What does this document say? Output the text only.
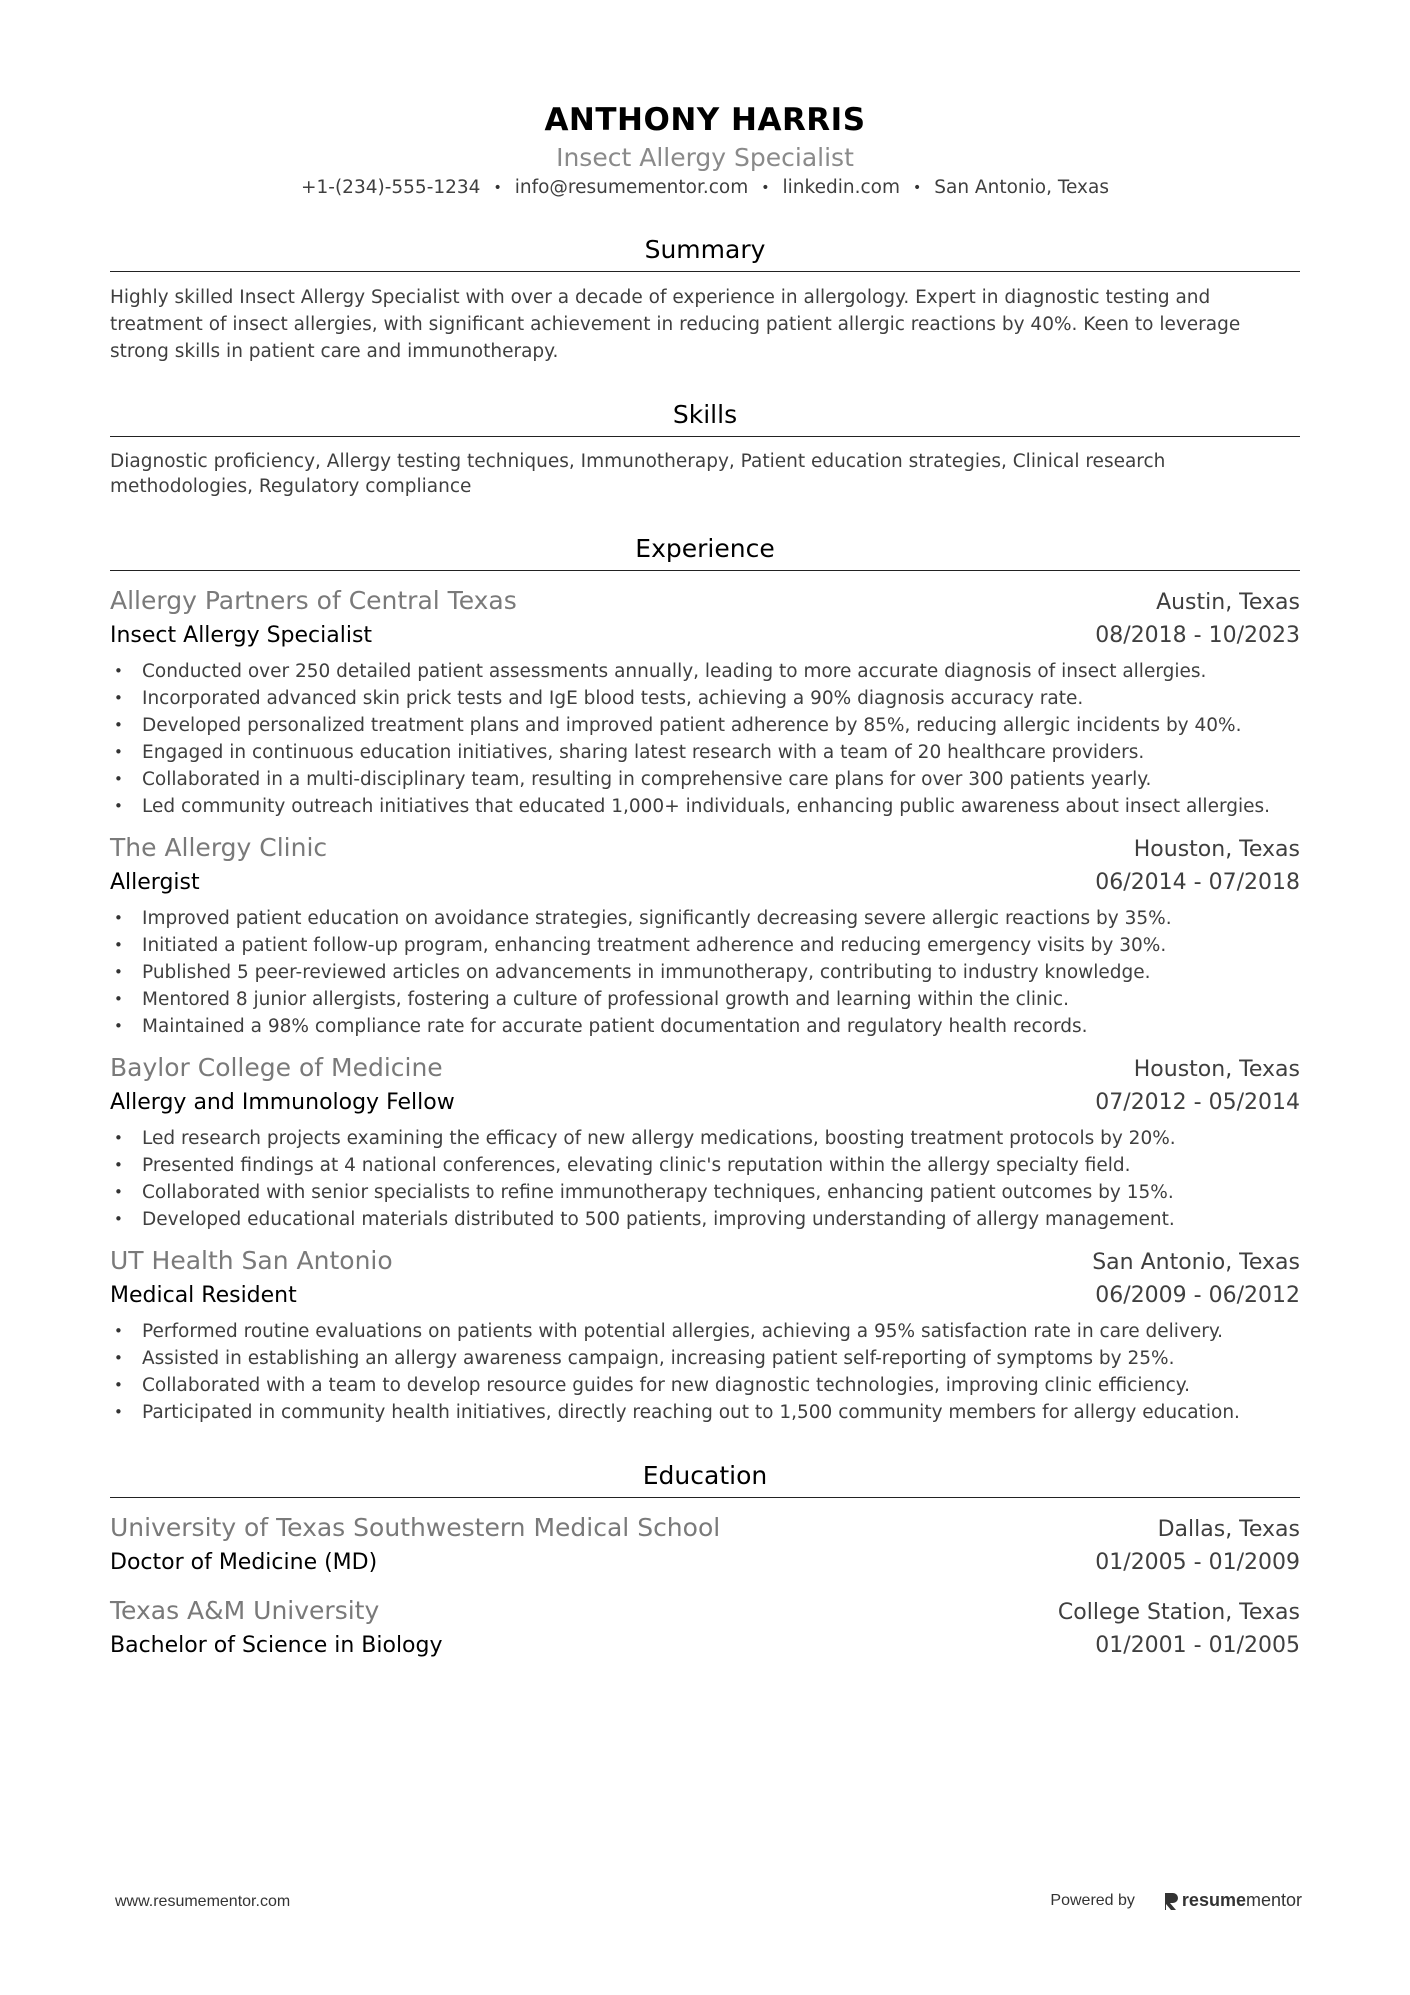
ANTHONY HARRIS
Insect Allergy Specialist
+1-(234)-555-1234 • info@resumementor.com • linkedin.com • San Antonio, Texas
Summary
Highly skilled Insect Allergy Specialist with over a decade of experience in allergology. Expert in diagnostic testing and treatment of insect allergies, with significant achievement in reducing patient allergic reactions by 40%. Keen to leverage strong skills in patient care and immunotherapy.
Skills
Diagnostic proficiency, Allergy testing techniques, Immunotherapy, Patient education strategies, Clinical research methodologies, Regulatory compliance
Experience
Allergy Partners of Central Texas	Austin, Texas
Insect Allergy Specialist	08/2018 - 10/2023
• Conducted over 250 detailed patient assessments annually, leading to more accurate diagnosis of insect allergies.
• Incorporated advanced skin prick tests and IgE blood tests, achieving a 90% diagnosis accuracy rate.
• Developed personalized treatment plans and improved patient adherence by 85%, reducing allergic incidents by 40%.
• Engaged in continuous education initiatives, sharing latest research with a team of 20 healthcare providers.
• Collaborated in a multi-disciplinary team, resulting in comprehensive care plans for over 300 patients yearly.
• Led community outreach initiatives that educated 1,000+ individuals, enhancing public awareness about insect allergies.
The Allergy Clinic	Houston, Texas
Allergist	06/2014 - 07/2018
• Improved patient education on avoidance strategies, significantly decreasing severe allergic reactions by 35%.
• Initiated a patient follow-up program, enhancing treatment adherence and reducing emergency visits by 30%.
• Published 5 peer-reviewed articles on advancements in immunotherapy, contributing to industry knowledge.
• Mentored 8 junior allergists, fostering a culture of professional growth and learning within the clinic.
• Maintained a 98% compliance rate for accurate patient documentation and regulatory health records.
Baylor College of Medicine	Houston, Texas
Allergy and Immunology Fellow	07/2012 - 05/2014
• Led research projects examining the efficacy of new allergy medications, boosting treatment protocols by 20%.
• Presented findings at 4 national conferences, elevating clinic's reputation within the allergy specialty field.
• Collaborated with senior specialists to refine immunotherapy techniques, enhancing patient outcomes by 15%.
• Developed educational materials distributed to 500 patients, improving understanding of allergy management.
UT Health San Antonio	San Antonio, Texas
Medical Resident	06/2009 - 06/2012
• Performed routine evaluations on patients with potential allergies, achieving a 95% satisfaction rate in care delivery.
• Assisted in establishing an allergy awareness campaign, increasing patient self-reporting of symptoms by 25%.
• Collaborated with a team to develop resource guides for new diagnostic technologies, improving clinic efficiency.
• Participated in community health initiatives, directly reaching out to 1,500 community members for allergy education.
Education
University of Texas Southwestern Medical School	Dallas, Texas
Doctor of Medicine (MD)	01/2005 - 01/2009
Texas A&M University	College Station, Texas
Bachelor of Science in Biology	01/2001 - 01/2005
www.resumementor.com	Powered by	resumementor
